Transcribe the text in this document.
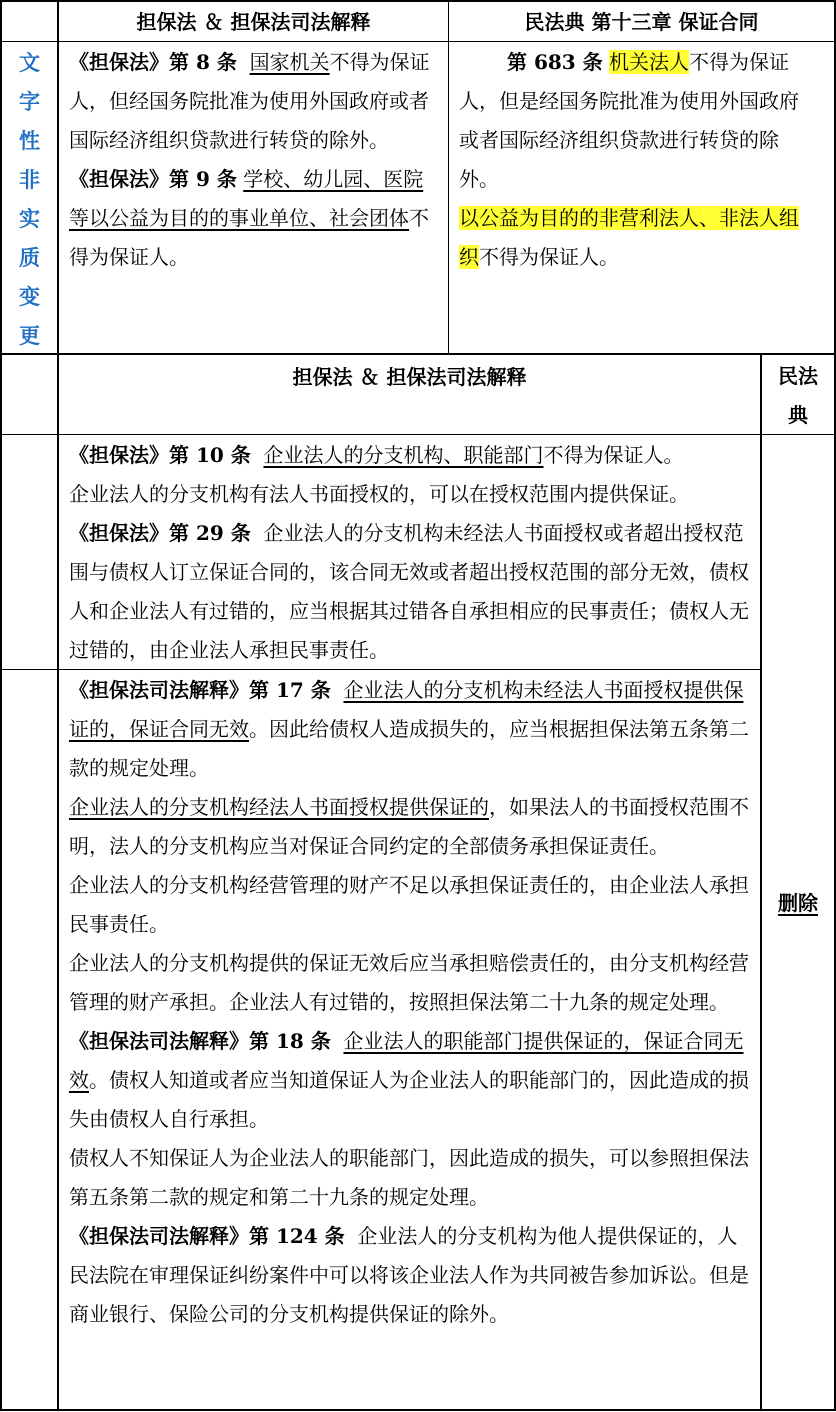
担保法 ＆ 担保法司法解释	民法典 第十三章 保证合同
文
字
性
非
实
质
变
更

《担保法》第 8 条 国家机关不得为保证人，但经国务院批准为使用外国政府或者国际经济组织贷款进行转贷的除外。

《担保法》第 9 条 学校、幼儿园、医院等以公益为目的的事业单位、社会团体不得为保证人。

第 683 条 机关法人不得为保证人，但是经国务院批准为使用外国政府或者国际经济组织贷款进行转贷的除外。

以公益为目的的非营利法人、非法人组织不得为保证人。

担保法 ＆ 担保法司法解释	民法典

《担保法》第 10 条 企业法人的分支机构、职能部门不得为保证人。

企业法人的分支机构有法人书面授权的，可以在授权范围内提供保证。

《担保法》第 29 条 企业法人的分支机构未经法人书面授权或者超出授权范围与债权人订立保证合同的，该合同无效或者超出授权范围的部分无效，债权人和企业法人有过错的，应当根据其过错各自承担相应的民事责任；债权人无过错的，由企业法人承担民事责任。

《担保法司法解释》第 17 条 企业法人的分支机构未经法人书面授权提供保证的，保证合同无效。因此给债权人造成损失的，应当根据担保法第五条第二款的规定处理。

企业法人的分支机构经法人书面授权提供保证的，如果法人的书面授权范围不明，法人的分支机构应当对保证合同约定的全部债务承担保证责任。

企业法人的分支机构经营管理的财产不足以承担保证责任的，由企业法人承担民事责任。

企业法人的分支机构提供的保证无效后应当承担赔偿责任的，由分支机构经营管理的财产承担。企业法人有过错的，按照担保法第二十九条的规定处理。

《担保法司法解释》第 18 条 企业法人的职能部门提供保证的，保证合同无效。债权人知道或者应当知道保证人为企业法人的职能部门的，因此造成的损失由债权人自行承担。

债权人不知保证人为企业法人的职能部门，因此造成的损失，可以参照担保法第五条第二款的规定和第二十九条的规定处理。

《担保法司法解释》第 124 条 企业法人的分支机构为他人提供保证的，人民法院在审理保证纠纷案件中可以将该企业法人作为共同被告参加诉讼。但是商业银行、保险公司的分支机构提供保证的除外。

删除
